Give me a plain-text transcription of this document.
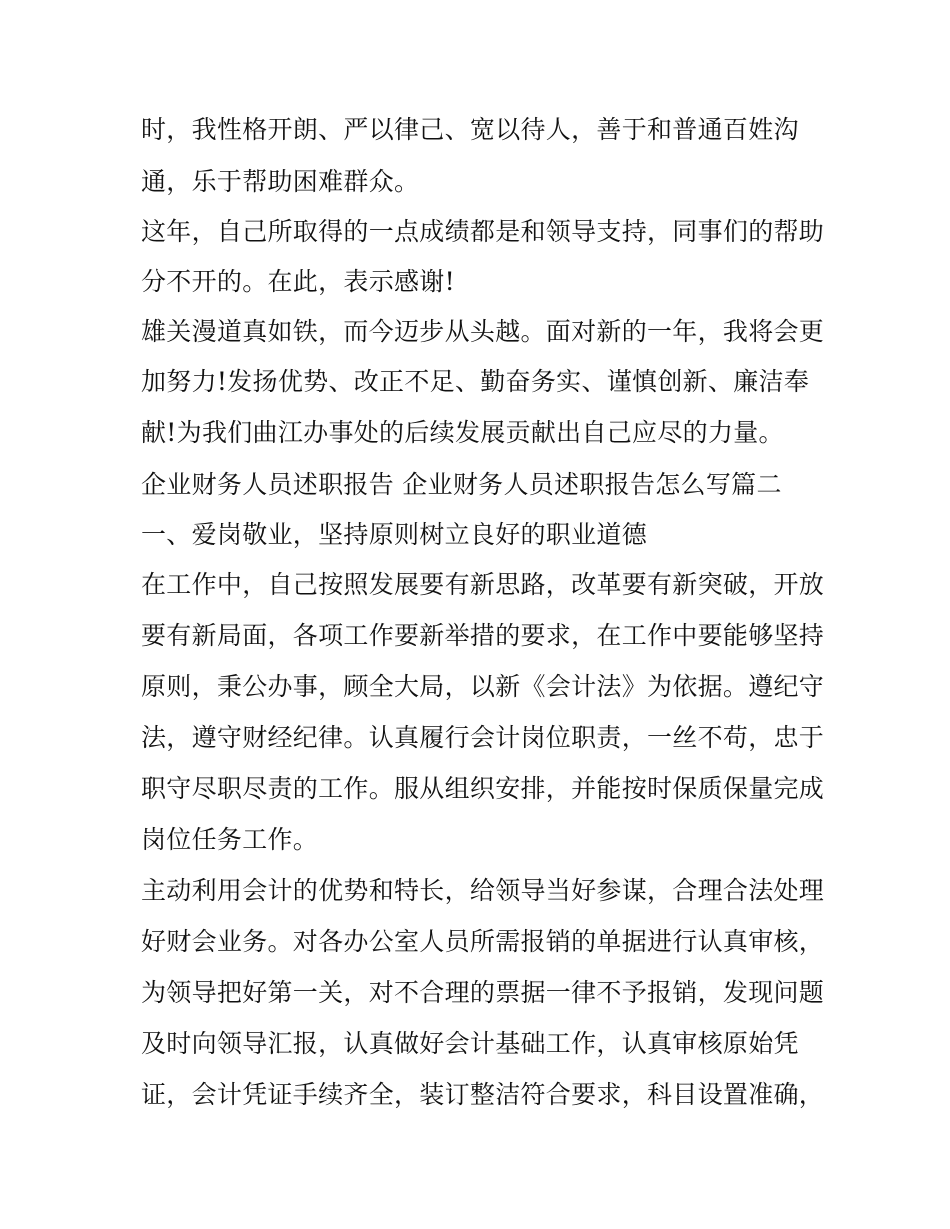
时，我性格开朗、严以律己、宽以待人，善于和普通百姓沟
通，乐于帮助困难群众。
这年，自己所取得的一点成绩都是和领导支持，同事们的帮助
分不开的。在此，表示感谢!
雄关漫道真如铁，而今迈步从头越。面对新的一年，我将会更
加努力!发扬优势、改正不足、勤奋务实、谨慎创新、廉洁奉
献!为我们曲江办事处的后续发展贡献出自己应尽的力量。
企业财务人员述职报告 企业财务人员述职报告怎么写篇二
一、爱岗敬业，坚持原则树立良好的职业道德
在工作中，自己按照发展要有新思路，改革要有新突破，开放
要有新局面，各项工作要新举措的要求，在工作中要能够坚持
原则，秉公办事，顾全大局，以新《会计法》为依据。遵纪守
法，遵守财经纪律。认真履行会计岗位职责，一丝不苟，忠于
职守尽职尽责的工作。服从组织安排，并能按时保质保量完成
岗位任务工作。
主动利用会计的优势和特长，给领导当好参谋，合理合法处理
好财会业务。对各办公室人员所需报销的单据进行认真审核，
为领导把好第一关，对不合理的票据一律不予报销，发现问题
及时向领导汇报，认真做好会计基础工作，认真审核原始凭
证，会计凭证手续齐全，装订整洁符合要求，科目设置准确，
